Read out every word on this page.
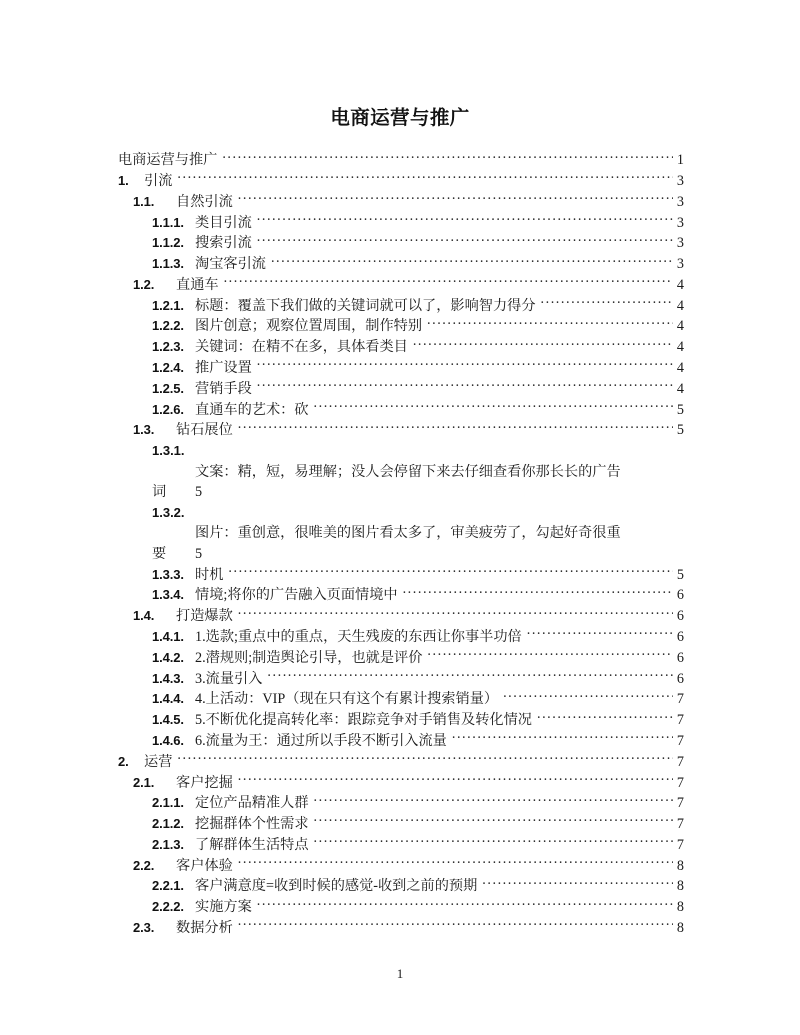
电商运营与推广
电商运营与推广 .....	1
1.	引流 .....	3
1.1.	自然引流 .....	3
1.1.1. 类目引流 .....	3
1.1.2. 搜索引流 .....	3
1.1.3. 淘宝客引流 .....	3
1.2.	直通车 .....	4
1.2.1. 标题：覆盖下我们做的关键词就可以了，影响智力得分 .....	4
1.2.2. 图片创意；观察位置周围，制作特别 .....	4
1.2.3. 关键词：在精不在多，具体看类目 .....	4
1.2.4. 推广设置 .....	4
1.2.5. 营销手段 .....	4
1.2.6. 直通车的艺术：砍 .....	5
1.3.	钻石展位 .....	5
1.3.1.
文案：精，短，易理解；没人会停留下来去仔细查看你那长长的广告
词 5
1.3.2.
图片：重创意，很唯美的图片看太多了，审美疲劳了，勾起好奇很重
要 5
1.3.3. 时机 .....	5
1.3.4. 情境;将你的广告融入页面情境中 .....	6
1.4.	打造爆款 .....	6
1.4.1. 1.选款;重点中的重点，天生残废的东西让你事半功倍 .....	6
1.4.2. 2.潜规则;制造舆论引导，也就是评价 .....	6
1.4.3. 3.流量引入 .....	6
1.4.4. 4.上活动：VIP（现在只有这个有累计搜索销量） .....	7
1.4.5. 5.不断优化提高转化率：跟踪竞争对手销售及转化情况 .....	7
1.4.6. 6.流量为王：通过所以手段不断引入流量 .....	7
2.	运营 .....	7
2.1.	客户挖掘 .....	7
2.1.1. 定位产品精准人群 .....	7
2.1.2. 挖掘群体个性需求 .....	7
2.1.3. 了解群体生活特点 .....	7
2.2.	客户体验 .....	8
2.2.1. 客户满意度=收到时候的感觉-收到之前的预期 .....	8
2.2.2. 实施方案 .....	8
2.3.	数据分析 .....	8
1
